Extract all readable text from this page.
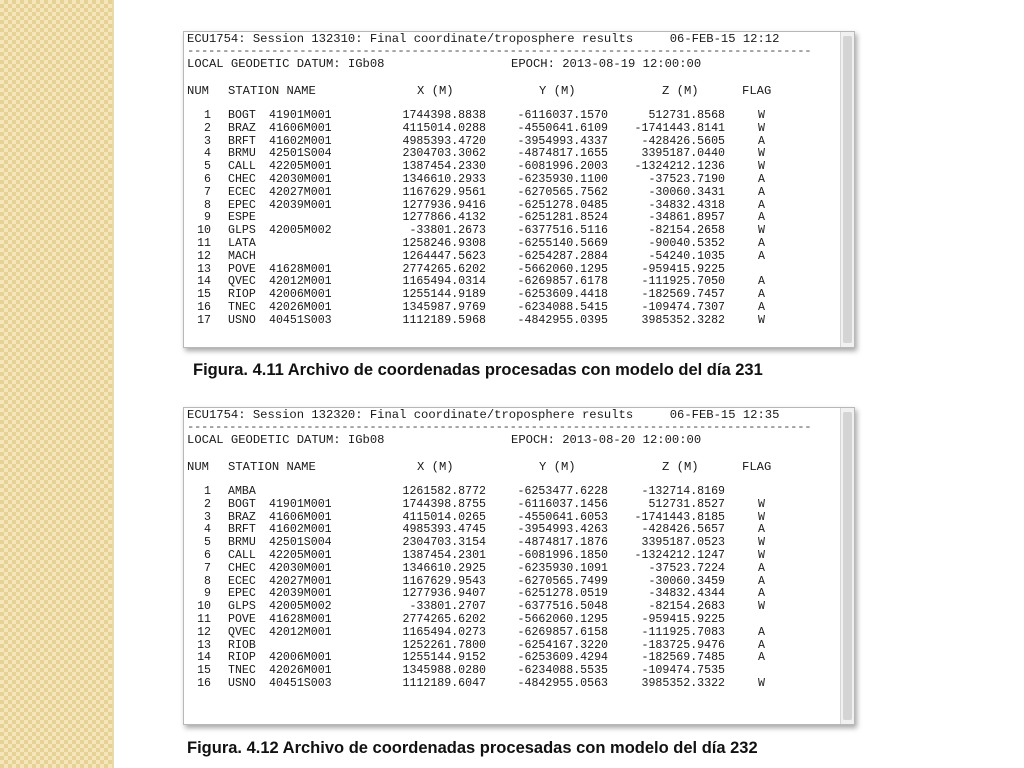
ECU1754: Session 132310: Final coordinate/troposphere results	06-FEB-15 12:12
-----------------------------------------------------------------------------------------
LOCAL GEODETIC DATUM: IGb08	EPOCH: 2013-08-19 12:00:00
NUM STATION NAME	X (M)	Y (M)	Z (M)	FLAG
1 BOGT 41901M001	1744398.8838	-6116037.1570	512731.8568	W
2 BRAZ 41606M001	4115014.0288	-4550641.6109	-1741443.8141	W
3 BRFT 41602M001	4985393.4720	-3954993.4337	-428426.5605	A
4 BRMU 42501S004	2304703.3062	-4874817.1655	3395187.0440	W
5 CALL 42205M001	1387454.2330	-6081996.2003	-1324212.1236	W
6 CHEC 42030M001	1346610.2933	-6235930.1100	-37523.7190	A
7 ECEC 42027M001	1167629.9561	-6270565.7562	-30060.3431	A
8 EPEC 42039M001	1277936.9416	-6251278.0485	-34832.4318	A
9 ESPE	1277866.4132	-6251281.8524	-34861.8957	A
10 GLPS 42005M002	-33801.2673	-6377516.5116	-82154.2658	W
11 LATA	1258246.9308	-6255140.5669	-90040.5352	A
12 MACH	1264447.5623	-6254287.2884	-54240.1035	A
13 POVE 41628M001	2774265.6202	-5662060.1295	-959415.9225
14 QVEC 42012M001	1165494.0314	-6269857.6178	-111925.7050	A
15 RIOP 42006M001	1255144.9189	-6253609.4418	-182569.7457	A
16 TNEC 42026M001	1345987.9769	-6234088.5415	-109474.7307	A
17 USNO 40451S003	1112189.5968	-4842955.0395	3985352.3282	W
Figura. 4.11 Archivo de coordenadas procesadas con modelo del día 231
ECU1754: Session 132320: Final coordinate/troposphere results	06-FEB-15 12:35
-----------------------------------------------------------------------------------------
LOCAL GEODETIC DATUM: IGb08	EPOCH: 2013-08-20 12:00:00
NUM STATION NAME	X (M)	Y (M)	Z (M)	FLAG
1 AMBA	1261582.8772	-6253477.6228	-132714.8169
2 BOGT 41901M001	1744398.8755	-6116037.1456	512731.8527	W
3 BRAZ 41606M001	4115014.0265	-4550641.6053	-1741443.8185	W
4 BRFT 41602M001	4985393.4745	-3954993.4263	-428426.5657	A
5 BRMU 42501S004	2304703.3154	-4874817.1876	3395187.0523	W
6 CALL 42205M001	1387454.2301	-6081996.1850	-1324212.1247	W
7 CHEC 42030M001	1346610.2925	-6235930.1091	-37523.7224	A
8 ECEC 42027M001	1167629.9543	-6270565.7499	-30060.3459	A
9 EPEC 42039M001	1277936.9407	-6251278.0519	-34832.4344	A
10 GLPS 42005M002	-33801.2707	-6377516.5048	-82154.2683	W
11 POVE 41628M001	2774265.6202	-5662060.1295	-959415.9225
12 QVEC 42012M001	1165494.0273	-6269857.6158	-111925.7083	A
13 RIOB	1252261.7800	-6254167.3220	-183725.9476	A
14 RIOP 42006M001	1255144.9152	-6253609.4294	-182569.7485	A
15 TNEC 42026M001	1345988.0280	-6234088.5535	-109474.7535
16 USNO 40451S003	1112189.6047	-4842955.0563	3985352.3322	W
Figura. 4.12 Archivo de coordenadas procesadas con modelo del día 232
